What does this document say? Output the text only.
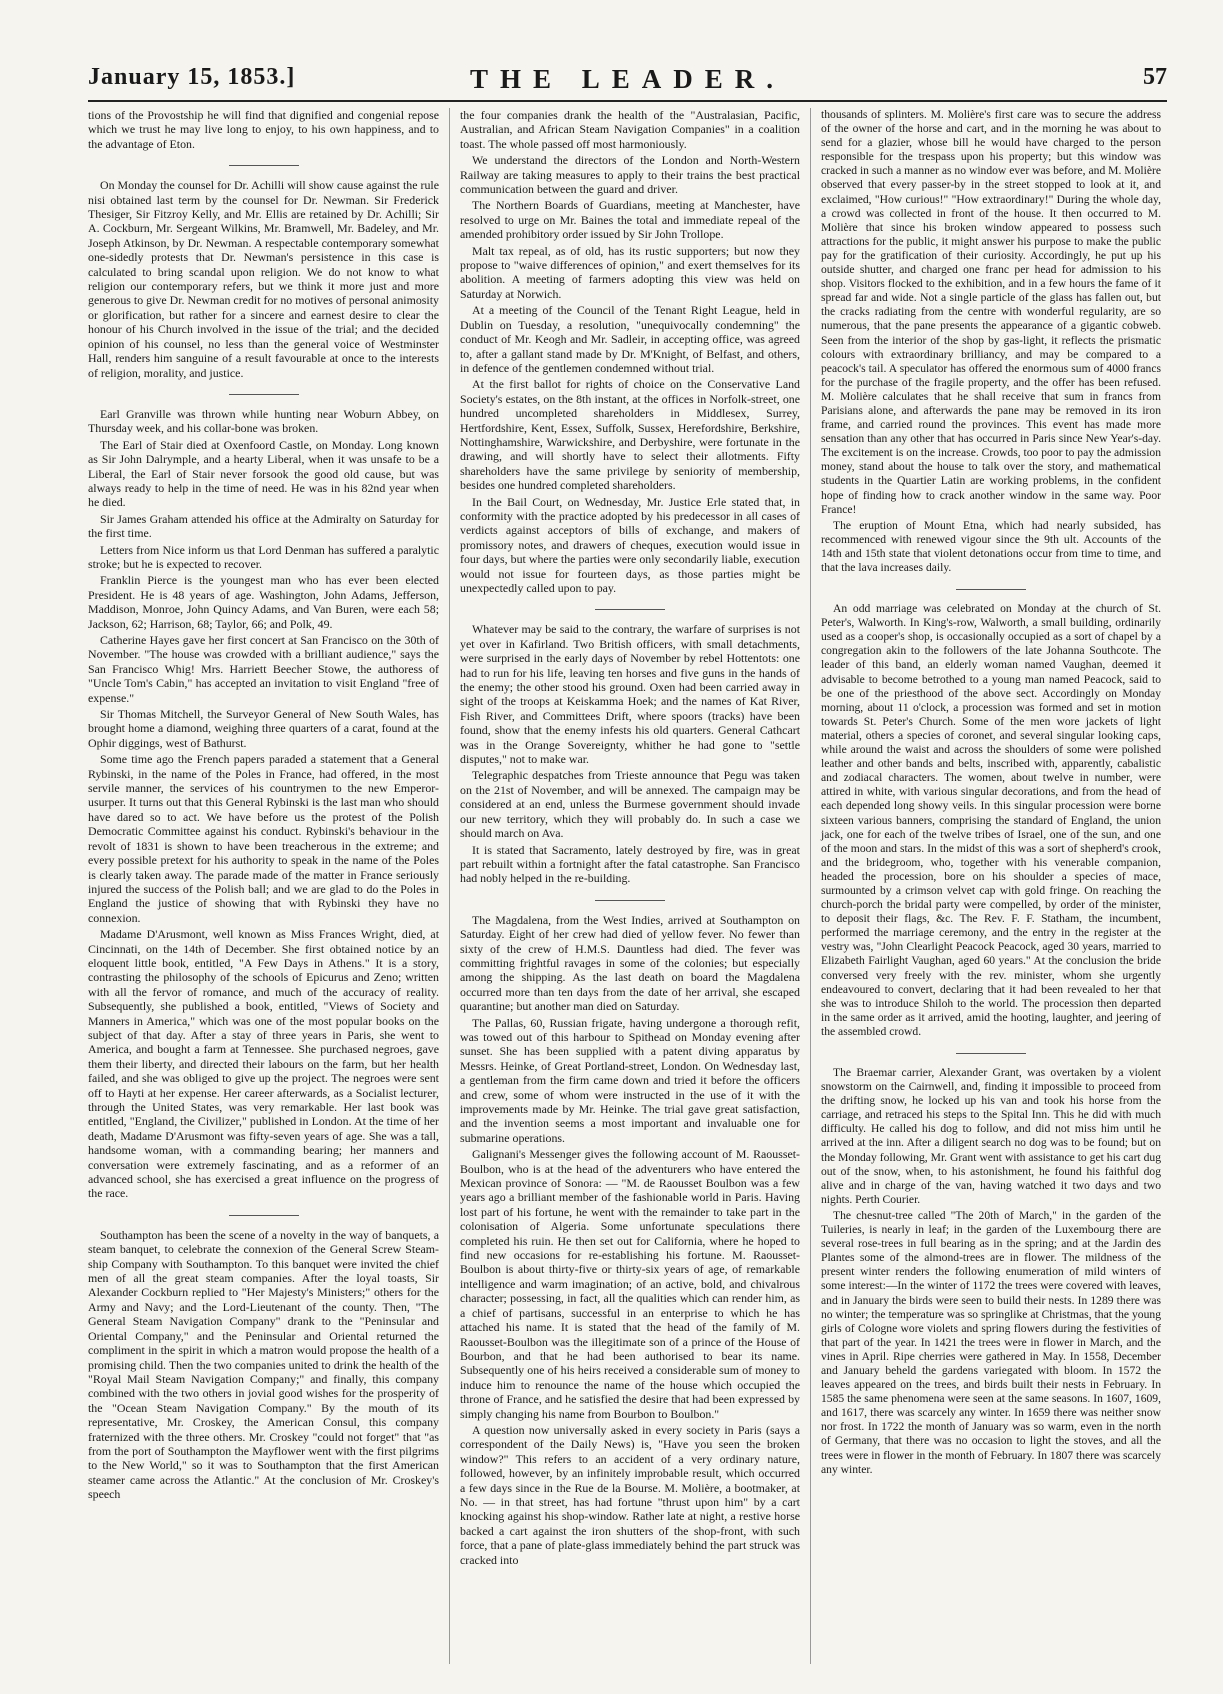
January 15, 1853.]	THE LEADER.	57

tions of the Provostship he will find that dignified and congenial repose which we trust he may live long to enjoy, to his own happiness, and to the advantage of Eton.

On Monday the counsel for Dr. Achilli will show cause against the rule nisi obtained last term by the counsel for Dr. Newman. Sir Frederick Thesiger, Sir Fitzroy Kelly, and Mr. Ellis are retained by Dr. Achilli; Sir A. Cockburn, Mr. Sergeant Wilkins, Mr. Bramwell, Mr. Badeley, and Mr. Joseph Atkinson, by Dr. Newman. A respectable contemporary somewhat one-sidedly protests that Dr. Newman's persistence in this case is calculated to bring scandal upon religion. We do not know to what religion our contemporary refers, but we think it more just and more generous to give Dr. Newman credit for no motives of personal animosity or glorification, but rather for a sincere and earnest desire to clear the honour of his Church involved in the issue of the trial; and the decided opinion of his counsel, no less than the general voice of Westminster Hall, renders him sanguine of a result favourable at once to the interests of religion, morality, and justice.

Earl Granville was thrown while hunting near Woburn Abbey, on Thursday week, and his collar-bone was broken.

The Earl of Stair died at Oxenfoord Castle, on Monday. Long known as Sir John Dalrymple, and a hearty Liberal, when it was unsafe to be a Liberal, the Earl of Stair never forsook the good old cause, but was always ready to help in the time of need. He was in his 82nd year when he died.

Sir James Graham attended his office at the Admiralty on Saturday for the first time.

Letters from Nice inform us that Lord Denman has suffered a paralytic stroke; but he is expected to recover.

Franklin Pierce is the youngest man who has ever been elected President. He is 48 years of age. Washington, John Adams, Jefferson, Maddison, Monroe, John Quincy Adams, and Van Buren, were each 58; Jackson, 62; Harrison, 68; Taylor, 66; and Polk, 49.

Catherine Hayes gave her first concert at San Francisco on the 30th of November. "The house was crowded with a brilliant audience," says the San Francisco Whig! Mrs. Harriett Beecher Stowe, the authoress of "Uncle Tom's Cabin," has accepted an invitation to visit England "free of expense."

Sir Thomas Mitchell, the Surveyor General of New South Wales, has brought home a diamond, weighing three quarters of a carat, found at the Ophir diggings, west of Bathurst.

Some time ago the French papers paraded a statement that a General Rybinski, in the name of the Poles in France, had offered, in the most servile manner, the services of his countrymen to the new Emperor-usurper. It turns out that this General Rybinski is the last man who should have dared so to act. We have before us the protest of the Polish Democratic Committee against his conduct. Rybinski's behaviour in the revolt of 1831 is shown to have been treacherous in the extreme; and every possible pretext for his authority to speak in the name of the Poles is clearly taken away. The parade made of the matter in France seriously injured the success of the Polish ball; and we are glad to do the Poles in England the justice of showing that with Rybinski they have no connexion.

Madame D'Arusmont, well known as Miss Frances Wright, died, at Cincinnati, on the 14th of December. She first obtained notice by an eloquent little book, entitled, "A Few Days in Athens." It is a story, contrasting the philosophy of the schools of Epicurus and Zeno; written with all the fervor of romance, and much of the accuracy of reality. Subsequently, she published a book, entitled, "Views of Society and Manners in America," which was one of the most popular books on the subject of that day. After a stay of three years in Paris, she went to America, and bought a farm at Tennessee. She purchased negroes, gave them their liberty, and directed their labours on the farm, but her health failed, and she was obliged to give up the project. The negroes were sent off to Hayti at her expense. Her career afterwards, as a Socialist lecturer, through the United States, was very remarkable. Her last book was entitled, "England, the Civilizer," published in London. At the time of her death, Madame D'Arusmont was fifty-seven years of age. She was a tall, handsome woman, with a commanding bearing; her manners and conversation were extremely fascinating, and as a reformer of an advanced school, she has exercised a great influence on the progress of the race.

Southampton has been the scene of a novelty in the way of banquets, a steam banquet, to celebrate the connexion of the General Screw Steam-ship Company with Southampton. To this banquet were invited the chief men of all the great steam companies. After the loyal toasts, Sir Alexander Cockburn replied to "Her Majesty's Ministers;" others for the Army and Navy; and the Lord-Lieutenant of the county. Then, "The General Steam Navigation Company" drank to the "Peninsular and Oriental Company," and the Peninsular and Oriental returned the compliment in the spirit in which a matron would propose the health of a promising child. Then the two companies united to drink the health of the "Royal Mail Steam Navigation Company;" and finally, this company combined with the two others in jovial good wishes for the prosperity of the "Ocean Steam Navigation Company." By the mouth of its representative, Mr. Croskey, the American Consul, this company fraternized with the three others. Mr. Croskey "could not forget" that "as from the port of Southampton the Mayflower went with the first pilgrims to the New World," so it was to Southampton that the first American steamer came across the Atlantic." At the conclusion of Mr. Croskey's speech

the four companies drank the health of the "Australasian, Pacific, Australian, and African Steam Navigation Companies" in a coalition toast. The whole passed off most harmoniously.

We understand the directors of the London and North-Western Railway are taking measures to apply to their trains the best practical communication between the guard and driver.

The Northern Boards of Guardians, meeting at Manchester, have resolved to urge on Mr. Baines the total and immediate repeal of the amended prohibitory order issued by Sir John Trollope.

Malt tax repeal, as of old, has its rustic supporters; but now they propose to "waive differences of opinion," and exert themselves for its abolition. A meeting of farmers adopting this view was held on Saturday at Norwich.

At a meeting of the Council of the Tenant Right League, held in Dublin on Tuesday, a resolution, "unequivocally condemning" the conduct of Mr. Keogh and Mr. Sadleir, in accepting office, was agreed to, after a gallant stand made by Dr. M'Knight, of Belfast, and others, in defence of the gentlemen condemned without trial.

At the first ballot for rights of choice on the Conservative Land Society's estates, on the 8th instant, at the offices in Norfolk-street, one hundred uncompleted shareholders in Middlesex, Surrey, Hertfordshire, Kent, Essex, Suffolk, Sussex, Herefordshire, Berkshire, Nottinghamshire, Warwickshire, and Derbyshire, were fortunate in the drawing, and will shortly have to select their allotments. Fifty shareholders have the same privilege by seniority of membership, besides one hundred completed shareholders.

In the Bail Court, on Wednesday, Mr. Justice Erle stated that, in conformity with the practice adopted by his predecessor in all cases of verdicts against acceptors of bills of exchange, and makers of promissory notes, and drawers of cheques, execution would issue in four days, but where the parties were only secondarily liable, execution would not issue for fourteen days, as those parties might be unexpectedly called upon to pay.

Whatever may be said to the contrary, the warfare of surprises is not yet over in Kafirland. Two British officers, with small detachments, were surprised in the early days of November by rebel Hottentots: one had to run for his life, leaving ten horses and five guns in the hands of the enemy; the other stood his ground. Oxen had been carried away in sight of the troops at Keiskamma Hoek; and the names of Kat River, Fish River, and Committees Drift, where spoors (tracks) have been found, show that the enemy infests his old quarters. General Cathcart was in the Orange Sovereignty, whither he had gone to "settle disputes," not to make war.

Telegraphic despatches from Trieste announce that Pegu was taken on the 21st of November, and will be annexed. The campaign may be considered at an end, unless the Burmese government should invade our new territory, which they will probably do. In such a case we should march on Ava.

It is stated that Sacramento, lately destroyed by fire, was in great part rebuilt within a fortnight after the fatal catastrophe. San Francisco had nobly helped in the re-building.

The Magdalena, from the West Indies, arrived at Southampton on Saturday. Eight of her crew had died of yellow fever. No fewer than sixty of the crew of H.M.S. Dauntless had died. The fever was committing frightful ravages in some of the colonies; but especially among the shipping. As the last death on board the Magdalena occurred more than ten days from the date of her arrival, she escaped quarantine; but another man died on Saturday.

The Pallas, 60, Russian frigate, having undergone a thorough refit, was towed out of this harbour to Spithead on Monday evening after sunset. She has been supplied with a patent diving apparatus by Messrs. Heinke, of Great Portland-street, London. On Wednesday last, a gentleman from the firm came down and tried it before the officers and crew, some of whom were instructed in the use of it with the improvements made by Mr. Heinke. The trial gave great satisfaction, and the invention seems a most important and invaluable one for submarine operations.

Galignani's Messenger gives the following account of M. Raousset-Boulbon, who is at the head of the adventurers who have entered the Mexican province of Sonora: — "M. de Raousset Boulbon was a few years ago a brilliant member of the fashionable world in Paris. Having lost part of his fortune, he went with the remainder to take part in the colonisation of Algeria. Some unfortunate speculations there completed his ruin. He then set out for California, where he hoped to find new occasions for re-establishing his fortune. M. Raousset-Boulbon is about thirty-five or thirty-six years of age, of remarkable intelligence and warm imagination; of an active, bold, and chivalrous character; possessing, in fact, all the qualities which can render him, as a chief of partisans, successful in an enterprise to which he has attached his name. It is stated that the head of the family of M. Raousset-Boulbon was the illegitimate son of a prince of the House of Bourbon, and that he had been authorised to bear its name. Subsequently one of his heirs received a considerable sum of money to induce him to renounce the name of the house which occupied the throne of France, and he satisfied the desire that had been expressed by simply changing his name from Bourbon to Boulbon."

A question now universally asked in every society in Paris (says a correspondent of the Daily News) is, "Have you seen the broken window?" This refers to an accident of a very ordinary nature, followed, however, by an infinitely improbable result, which occurred a few days since in the Rue de la Bourse. M. Molière, a bootmaker, at No. — in that street, has had fortune "thrust upon him" by a cart knocking against his shop-window. Rather late at night, a restive horse backed a cart against the iron shutters of the shop-front, with such force, that a pane of plate-glass immediately behind the part struck was cracked into

thousands of splinters. M. Molière's first care was to secure the address of the owner of the horse and cart, and in the morning he was about to send for a glazier, whose bill he would have charged to the person responsible for the trespass upon his property; but this window was cracked in such a manner as no window ever was before, and M. Molière observed that every passer-by in the street stopped to look at it, and exclaimed, "How curious!" "How extraordinary!" During the whole day, a crowd was collected in front of the house. It then occurred to M. Molière that since his broken window appeared to possess such attractions for the public, it might answer his purpose to make the public pay for the gratification of their curiosity. Accordingly, he put up his outside shutter, and charged one franc per head for admission to his shop. Visitors flocked to the exhibition, and in a few hours the fame of it spread far and wide. Not a single particle of the glass has fallen out, but the cracks radiating from the centre with wonderful regularity, are so numerous, that the pane presents the appearance of a gigantic cobweb. Seen from the interior of the shop by gas-light, it reflects the prismatic colours with extraordinary brilliancy, and may be compared to a peacock's tail. A speculator has offered the enormous sum of 4000 francs for the purchase of the fragile property, and the offer has been refused. M. Molière calculates that he shall receive that sum in francs from Parisians alone, and afterwards the pane may be removed in its iron frame, and carried round the provinces. This event has made more sensation than any other that has occurred in Paris since New Year's-day. The excitement is on the increase. Crowds, too poor to pay the admission money, stand about the house to talk over the story, and mathematical students in the Quartier Latin are working problems, in the confident hope of finding how to crack another window in the same way. Poor France!

The eruption of Mount Etna, which had nearly subsided, has recommenced with renewed vigour since the 9th ult. Accounts of the 14th and 15th state that violent detonations occur from time to time, and that the lava increases daily.

An odd marriage was celebrated on Monday at the church of St. Peter's, Walworth. In King's-row, Walworth, a small building, ordinarily used as a cooper's shop, is occasionally occupied as a sort of chapel by a congregation akin to the followers of the late Johanna Southcote. The leader of this band, an elderly woman named Vaughan, deemed it advisable to become betrothed to a young man named Peacock, said to be one of the priesthood of the above sect. Accordingly on Monday morning, about 11 o'clock, a procession was formed and set in motion towards St. Peter's Church. Some of the men wore jackets of light material, others a species of coronet, and several singular looking caps, while around the waist and across the shoulders of some were polished leather and other bands and belts, inscribed with, apparently, cabalistic and zodiacal characters. The women, about twelve in number, were attired in white, with various singular decorations, and from the head of each depended long showy veils. In this singular procession were borne sixteen various banners, comprising the standard of England, the union jack, one for each of the twelve tribes of Israel, one of the sun, and one of the moon and stars. In the midst of this was a sort of shepherd's crook, and the bridegroom, who, together with his venerable companion, headed the procession, bore on his shoulder a species of mace, surmounted by a crimson velvet cap with gold fringe. On reaching the church-porch the bridal party were compelled, by order of the minister, to deposit their flags, &c. The Rev. F. F. Statham, the incumbent, performed the marriage ceremony, and the entry in the register at the vestry was, "John Clearlight Peacock Peacock, aged 30 years, married to Elizabeth Fairlight Vaughan, aged 60 years." At the conclusion the bride conversed very freely with the rev. minister, whom she urgently endeavoured to convert, declaring that it had been revealed to her that she was to introduce Shiloh to the world. The procession then departed in the same order as it arrived, amid the hooting, laughter, and jeering of the assembled crowd.

The Braemar carrier, Alexander Grant, was overtaken by a violent snowstorm on the Cairnwell, and, finding it impossible to proceed from the drifting snow, he locked up his van and took his horse from the carriage, and retraced his steps to the Spital Inn. This he did with much difficulty. He called his dog to follow, and did not miss him until he arrived at the inn. After a diligent search no dog was to be found; but on the Monday following, Mr. Grant went with assistance to get his cart dug out of the snow, when, to his astonishment, he found his faithful dog alive and in charge of the van, having watched it two days and two nights. Perth Courier.

The chesnut-tree called "The 20th of March," in the garden of the Tuileries, is nearly in leaf; in the garden of the Luxembourg there are several rose-trees in full bearing as in the spring; and at the Jardin des Plantes some of the almond-trees are in flower. The mildness of the present winter renders the following enumeration of mild winters of some interest:—In the winter of 1172 the trees were covered with leaves, and in January the birds were seen to build their nests. In 1289 there was no winter; the temperature was so springlike at Christmas, that the young girls of Cologne wore violets and spring flowers during the festivities of that part of the year. In 1421 the trees were in flower in March, and the vines in April. Ripe cherries were gathered in May. In 1558, December and January beheld the gardens variegated with bloom. In 1572 the leaves appeared on the trees, and birds built their nests in February. In 1585 the same phenomena were seen at the same seasons. In 1607, 1609, and 1617, there was scarcely any winter. In 1659 there was neither snow nor frost. In 1722 the month of January was so warm, even in the north of Germany, that there was no occasion to light the stoves, and all the trees were in flower in the month of February. In 1807 there was scarcely any winter.
